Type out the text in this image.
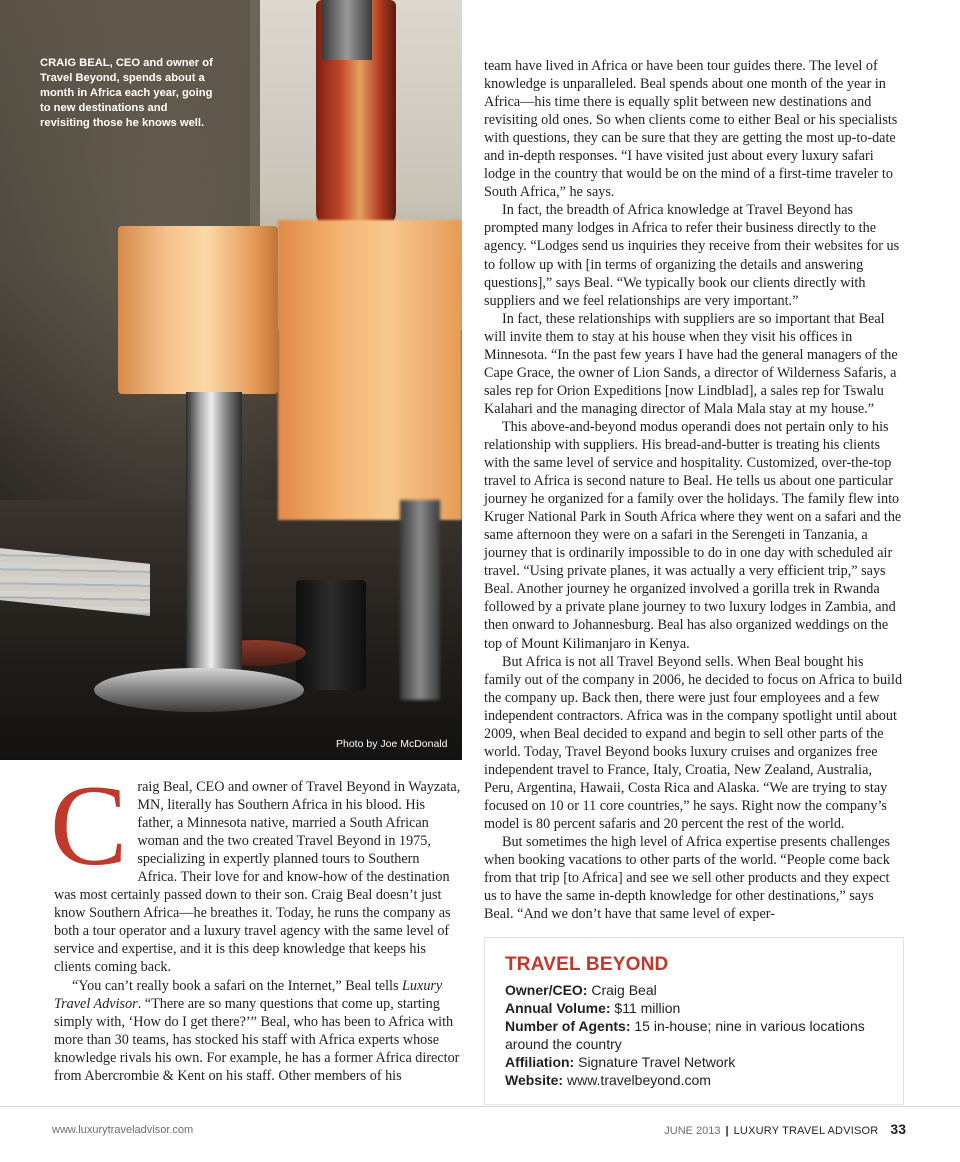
CRAIG BEAL, CEO and owner of Travel Beyond, spends about a month in Africa each year, going to new destinations and revisiting those he knows well.
Photo by Joe McDonald

team have lived in Africa or have been tour guides there. The level of knowledge is unparalleled. Beal spends about one month of the year in Africa—his time there is equally split between new destinations and revisiting old ones. So when clients come to either Beal or his specialists with questions, they can be sure that they are getting the most up-to-date and in-depth responses. “I have visited just about every luxury safari lodge in the country that would be on the mind of a first-time traveler to South Africa,” he says.

In fact, the breadth of Africa knowledge at Travel Beyond has prompted many lodges in Africa to refer their business directly to the agency. “Lodges send us inquiries they receive from their websites for us to follow up with [in terms of organizing the details and answering questions],” says Beal. “We typically book our clients directly with suppliers and we feel relationships are very important.”

In fact, these relationships with suppliers are so important that Beal will invite them to stay at his house when they visit his offices in Minnesota. “In the past few years I have had the general managers of the Cape Grace, the owner of Lion Sands, a director of Wilderness Safaris, a sales rep for Orion Expeditions [now Lindblad], a sales rep for Tswalu Kalahari and the managing director of Mala Mala stay at my house.”

This above-and-beyond modus operandi does not pertain only to his relationship with suppliers. His bread-and-butter is treating his clients with the same level of service and hospitality. Customized, over-the-top travel to Africa is second nature to Beal. He tells us about one particular journey he organized for a family over the holidays. The family flew into Kruger National Park in South Africa where they went on a safari and the same afternoon they were on a safari in the Serengeti in Tanzania, a journey that is ordinarily impossible to do in one day with scheduled air travel. “Using private planes, it was actually a very efficient trip,” says Beal. Another journey he organized involved a gorilla trek in Rwanda followed by a private plane journey to two luxury lodges in Zambia, and then onward to Johannesburg. Beal has also organized weddings on the top of Mount Kilimanjaro in Kenya.

But Africa is not all Travel Beyond sells. When Beal bought his family out of the company in 2006, he decided to focus on Africa to build the company up. Back then, there were just four employees and a few independent contractors. Africa was in the company spotlight until about 2009, when Beal decided to expand and begin to sell other parts of the world. Today, Travel Beyond books luxury cruises and organizes free independent travel to France, Italy, Croatia, New Zealand, Australia, Peru, Argentina, Hawaii, Costa Rica and Alaska. “We are trying to stay focused on 10 or 11 core countries,” he says. Right now the company’s model is 80 percent safaris and 20 percent the rest of the world.

But sometimes the high level of Africa expertise presents challenges when booking vacations to other parts of the world. “People come back from that trip [to Africa] and see we sell other products and they expect us to have the same in-depth knowledge for other destinations,” says Beal. “And we don’t have that same level of exper-

C raig Beal, CEO and owner of Travel Beyond in Wayzata, MN, literally has Southern Africa in his blood. His father, a Minnesota native, married a South African woman and the two created Travel Beyond in 1975, specializing in expertly planned tours to Southern Africa. Their love for and know-how of the destination was most certainly passed down to their son. Craig Beal doesn’t just know Southern Africa—he breathes it. Today, he runs the company as both a tour operator and a luxury travel agency with the same level of service and expertise, and it is this deep knowledge that keeps his clients coming back.

“You can’t really book a safari on the Internet,” Beal tells Luxury Travel Advisor. “There are so many questions that come up, starting simply with, ‘How do I get there?’” Beal, who has been to Africa with more than 30 teams, has stocked his staff with Africa experts whose knowledge rivals his own. For example, he has a former Africa director from Abercrombie & Kent on his staff. Other members of his

TRAVEL BEYOND
Owner/CEO: Craig Beal
Annual Volume: $11 million
Number of Agents: 15 in-house; nine in various locations around the country
Affiliation: Signature Travel Network
Website: www.travelbeyond.com
www.luxurytraveladvisor.com	JUNE 2013 | LUXURY TRAVEL ADVISOR 33
